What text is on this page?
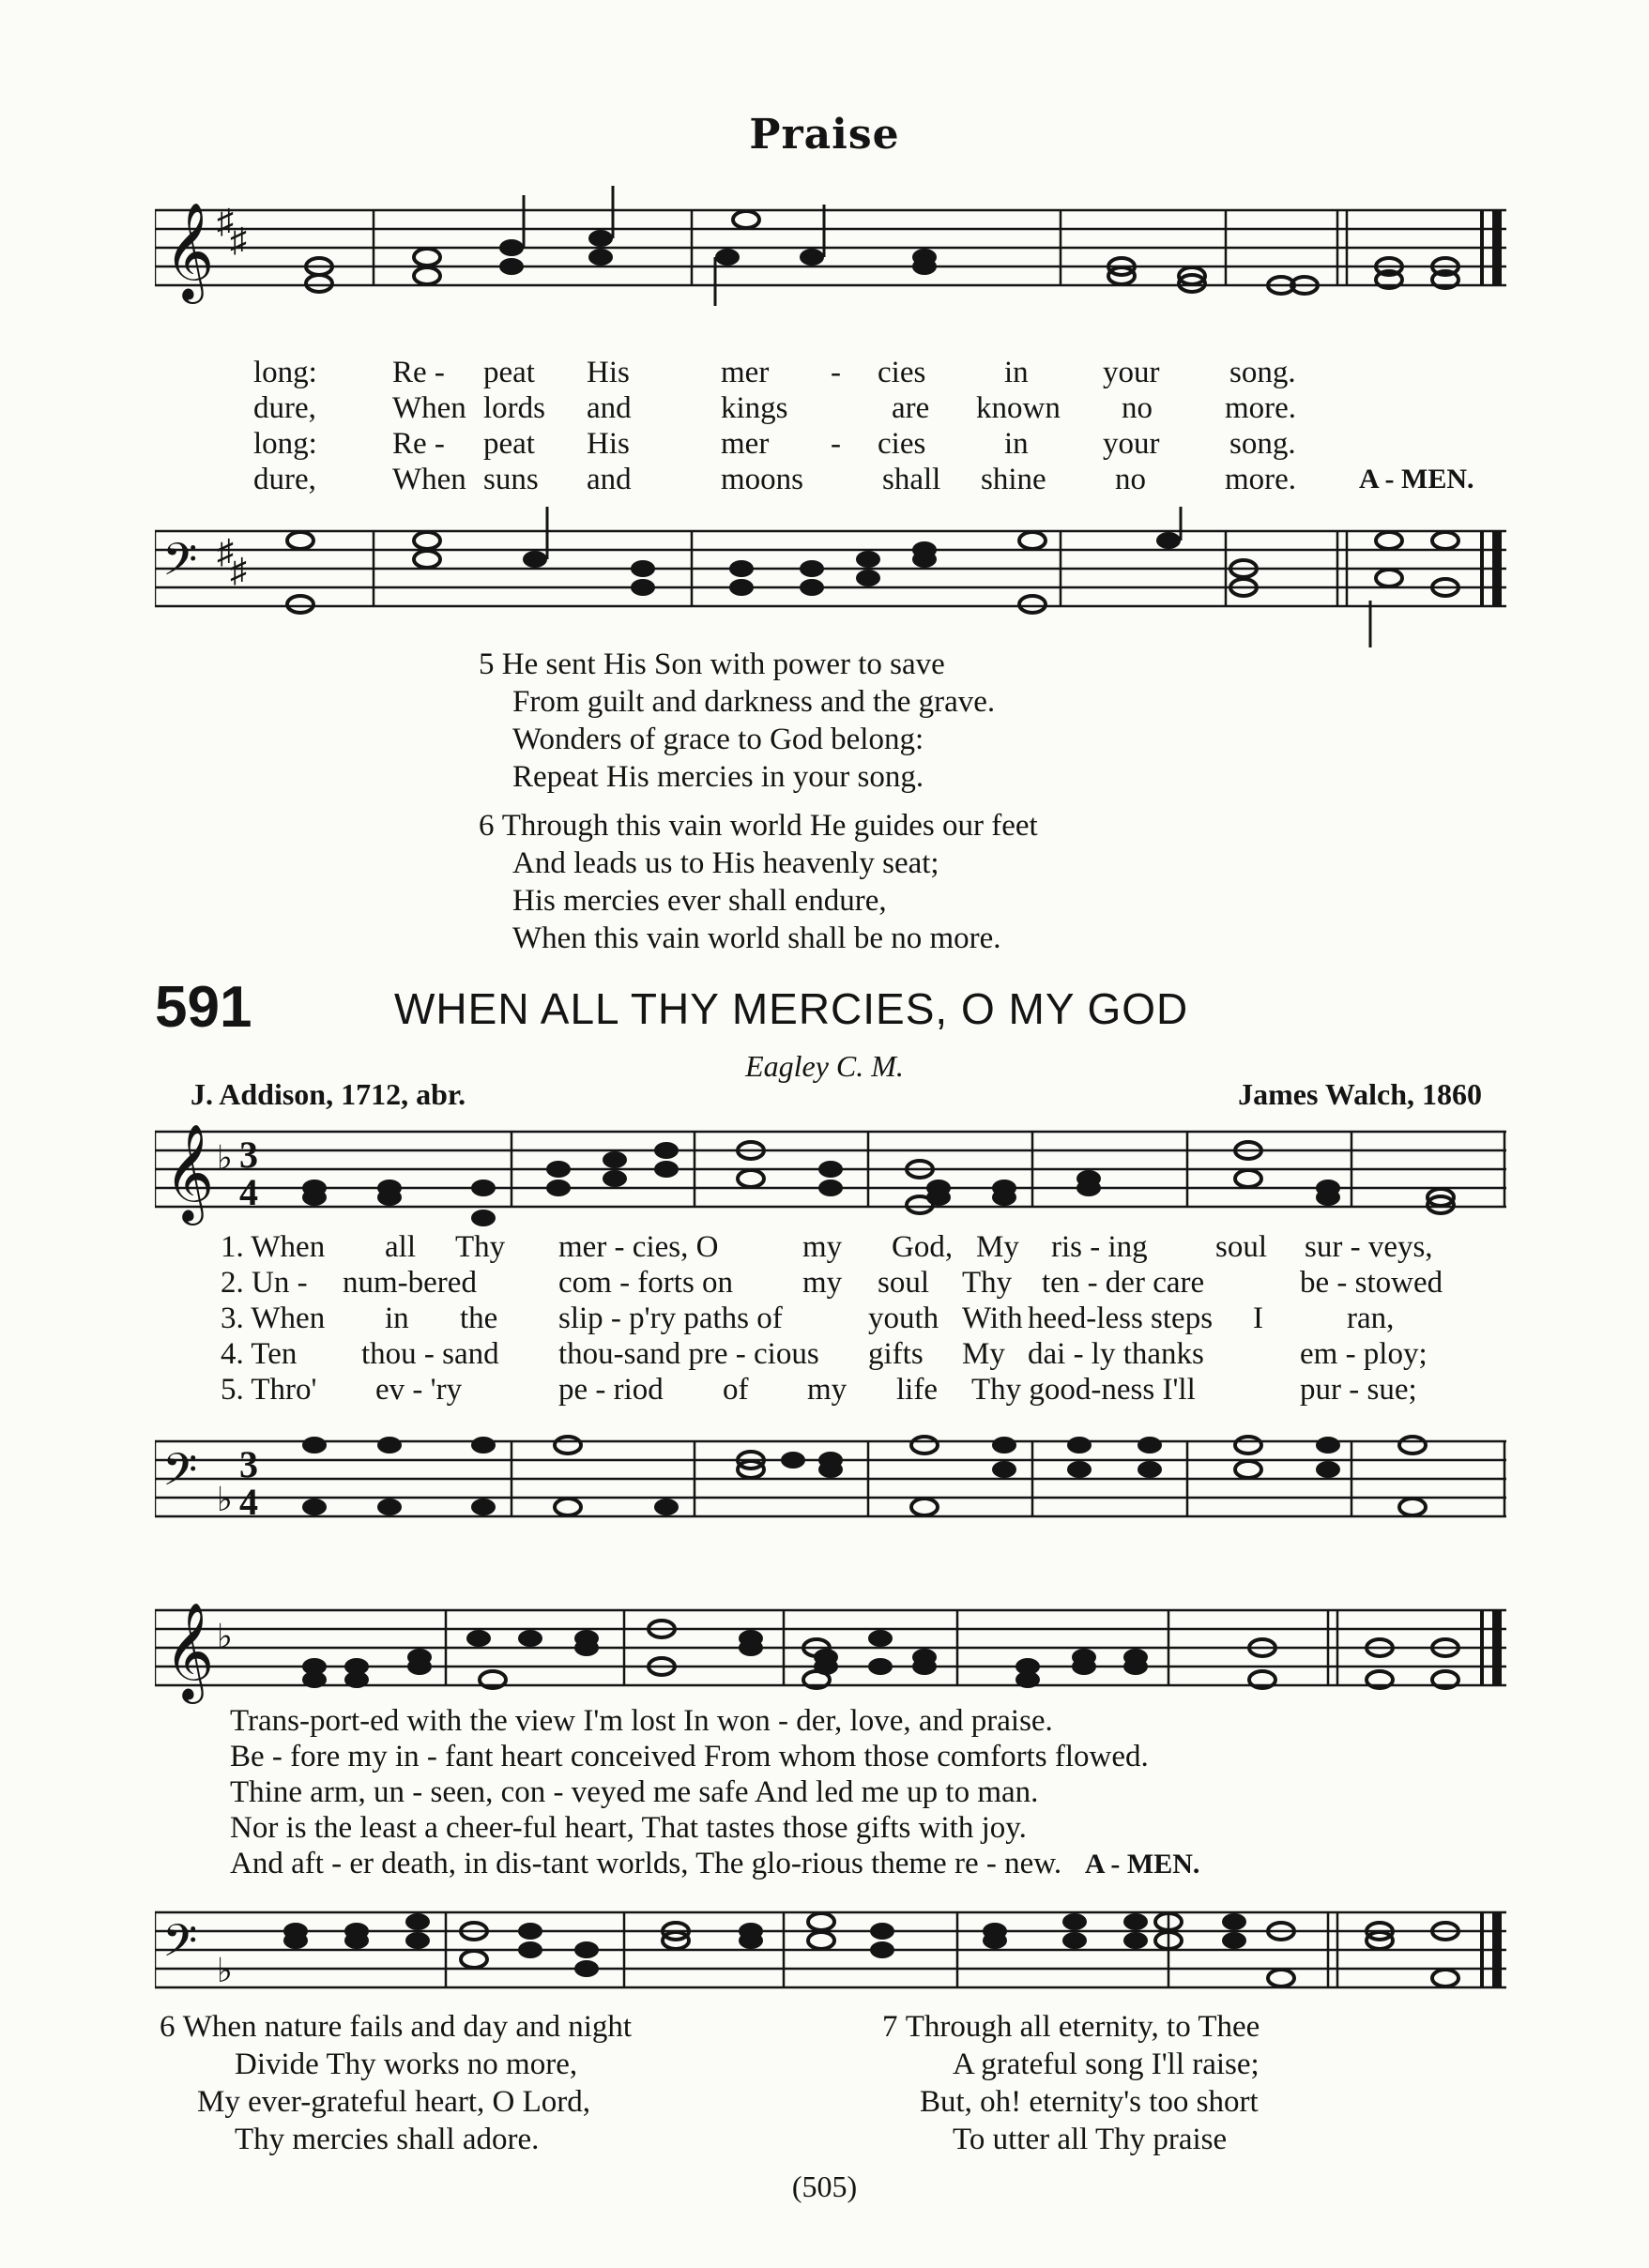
Praise
𝄞 ♯
♯
long: Re - peat His	mer - cies	in your song.
dure, When lords and	kings	are known no more.
long: Re - peat His	mer - cies	in your song.
dure, When suns and	moons	shall shine no	more. A - MEN.
𝄢 ♯
♯
5 He sent His Son with power to save
From guilt and darkness and the grave.
Wonders of grace to God belong:
Repeat His mercies in your song.
6 Through this vain world He guides our feet
And leads us to His heavenly seat;
His mercies ever shall endure,
When this vain world shall be no more.
591	WHEN ALL THY MERCIES, O MY GOD
Eagley C. M.
J. Addison, 1712, abr.	James Walch, 1860
𝄞 ♭ 3
4
1. When all Thy mer - cies, O	my God, My ris - ing soul sur - veys,
2. Un - num-bered	com - forts on my soul Thy ten - der care	be - stowed
3. When in the slip - p'ry paths of	youth With heed-less steps I	ran,
4. Ten thou - sand thou-sand pre - cious gifts My dai - ly thanks	em - ploy;
5. Thro' ev - 'ry	pe - riod of my life Thy good-ness I'll	pur - sue;
𝄢 ♭
3
4
𝄞 ♭
Trans-port-ed with the view I'm lost In won - der, love, and praise.
Be - fore my in - fant heart conceived From whom those comforts flowed.
Thine arm, un - seen, con - veyed me safe And led me up to man.
Nor is the least a cheer-ful heart, That tastes those gifts with joy.
And aft - er death, in dis-tant worlds, The glo-rious theme re - new. A - MEN.
𝄢 ♭
6 When nature fails and day and night
Divide Thy works no more,
My ever-grateful heart, O Lord,
Thy mercies shall adore.
7 Through all eternity, to Thee
A grateful song I'll raise;
But, oh! eternity's too short
To utter all Thy praise
(505)
